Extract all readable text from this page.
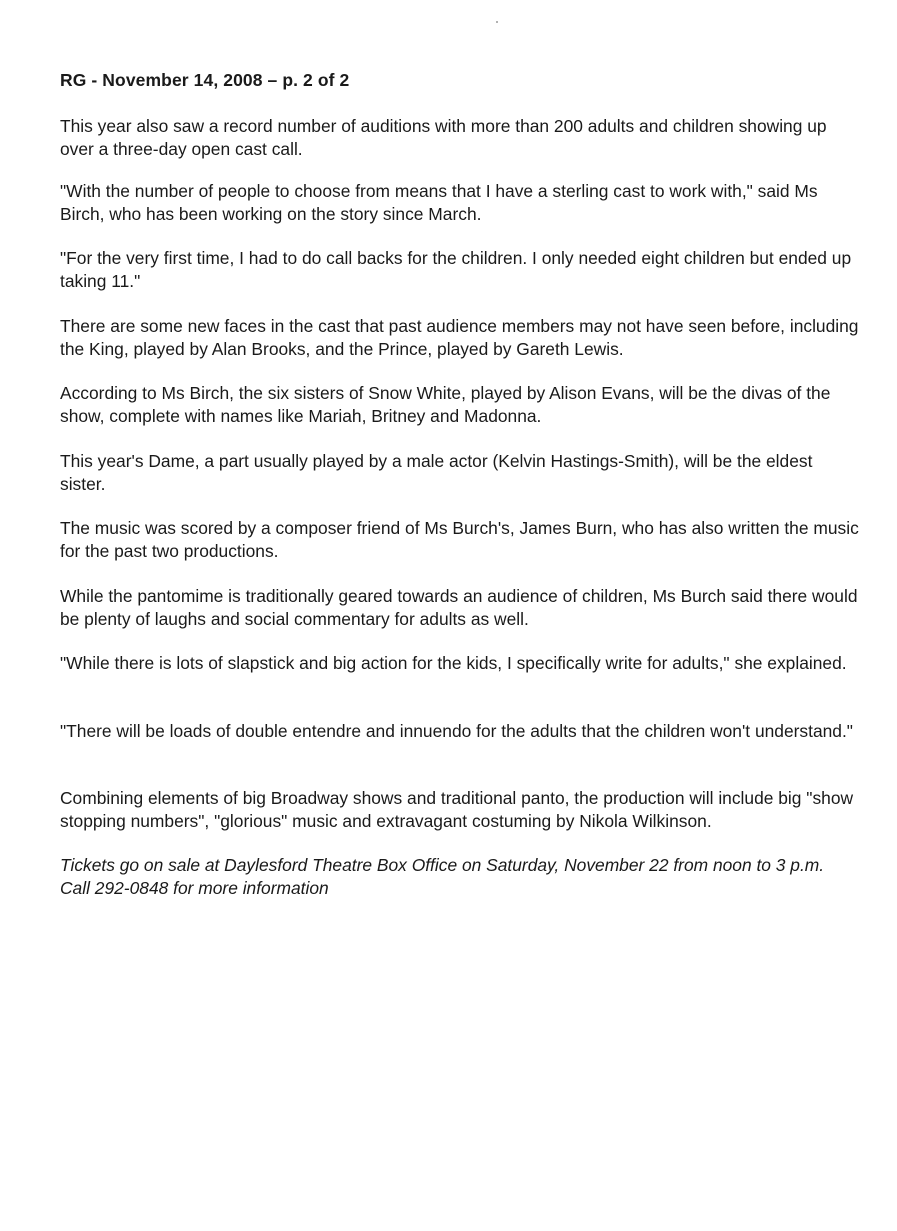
RG - November 14, 2008 – p. 2 of 2

This year also saw a record number of auditions with more than 200 adults and children showing up over a three-day open cast call.

"With the number of people to choose from means that I have a sterling cast to work with," said Ms Birch, who has been working on the story since March.

"For the very first time, I had to do call backs for the children. I only needed eight children but ended up taking 11."

There are some new faces in the cast that past audience members may not have seen before, including the King, played by Alan Brooks, and the Prince, played by Gareth Lewis.

According to Ms Birch, the six sisters of Snow White, played by Alison Evans, will be the divas of the show, complete with names like Mariah, Britney and Madonna.

This year's Dame, a part usually played by a male actor (Kelvin Hastings-Smith), will be the eldest sister.

The music was scored by a composer friend of Ms Burch's, James Burn, who has also written the music for the past two productions.

While the pantomime is traditionally geared towards an audience of children, Ms Burch said there would be plenty of laughs and social commentary for adults as well.

"While there is lots of slapstick and big action for the kids, I specifically write for adults," she explained.

"There will be loads of double entendre and innuendo for the adults that the children won't understand."

Combining elements of big Broadway shows and traditional panto, the production will include big "show stopping numbers", "glorious" music and extravagant costuming by Nikola Wilkinson.

Tickets go on sale at Daylesford Theatre Box Office on Saturday, November 22 from noon to 3 p.m. Call 292-0848 for more information
